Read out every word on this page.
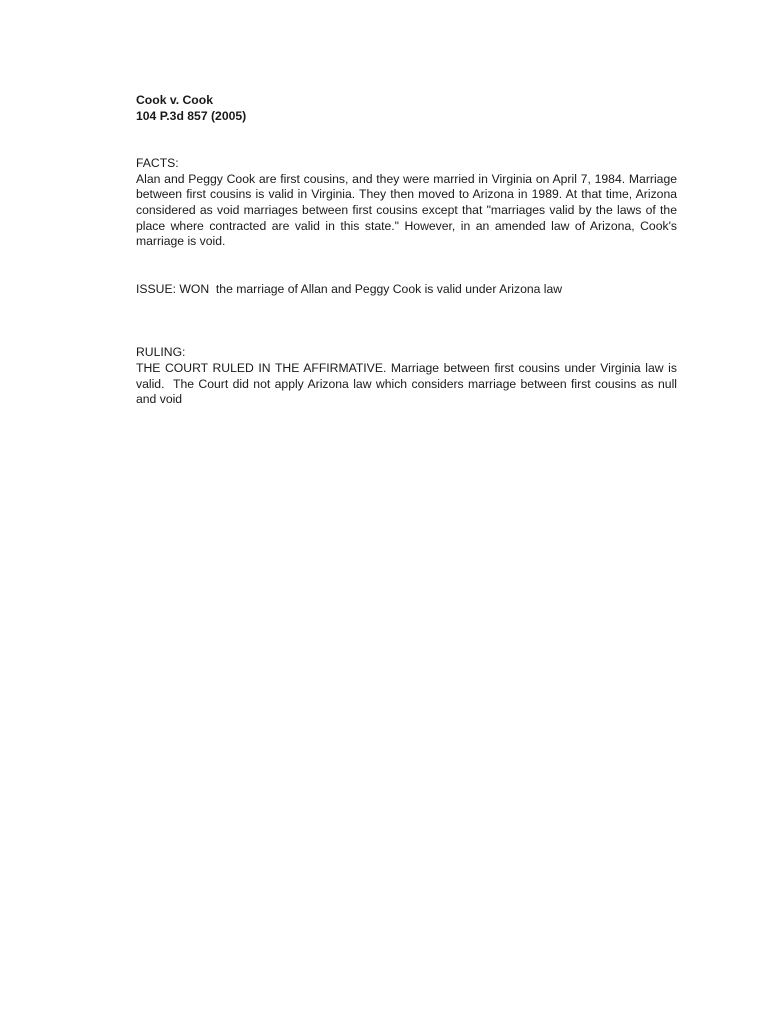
Cook v. Cook

104 P.3d 857 (2005)

FACTS:

Alan and Peggy Cook are first cousins, and they were married in Virginia on April 7, 1984. Marriage  between first cousins is valid in Virginia. They then moved to Arizona in 1989. At that time, Arizona  considered as void marriages between first cousins except that "marriages valid by the laws of the  place where contracted are valid in this state." However, in an amended law of Arizona, Cook's marriage is void.

ISSUE: WON  the marriage of Allan and Peggy Cook is valid under Arizona law

RULING:

THE COURT RULED IN THE AFFIRMATIVE. Marriage between first cousins under Virginia law is valid.  The Court did not apply Arizona law which considers marriage between first cousins as null and void
